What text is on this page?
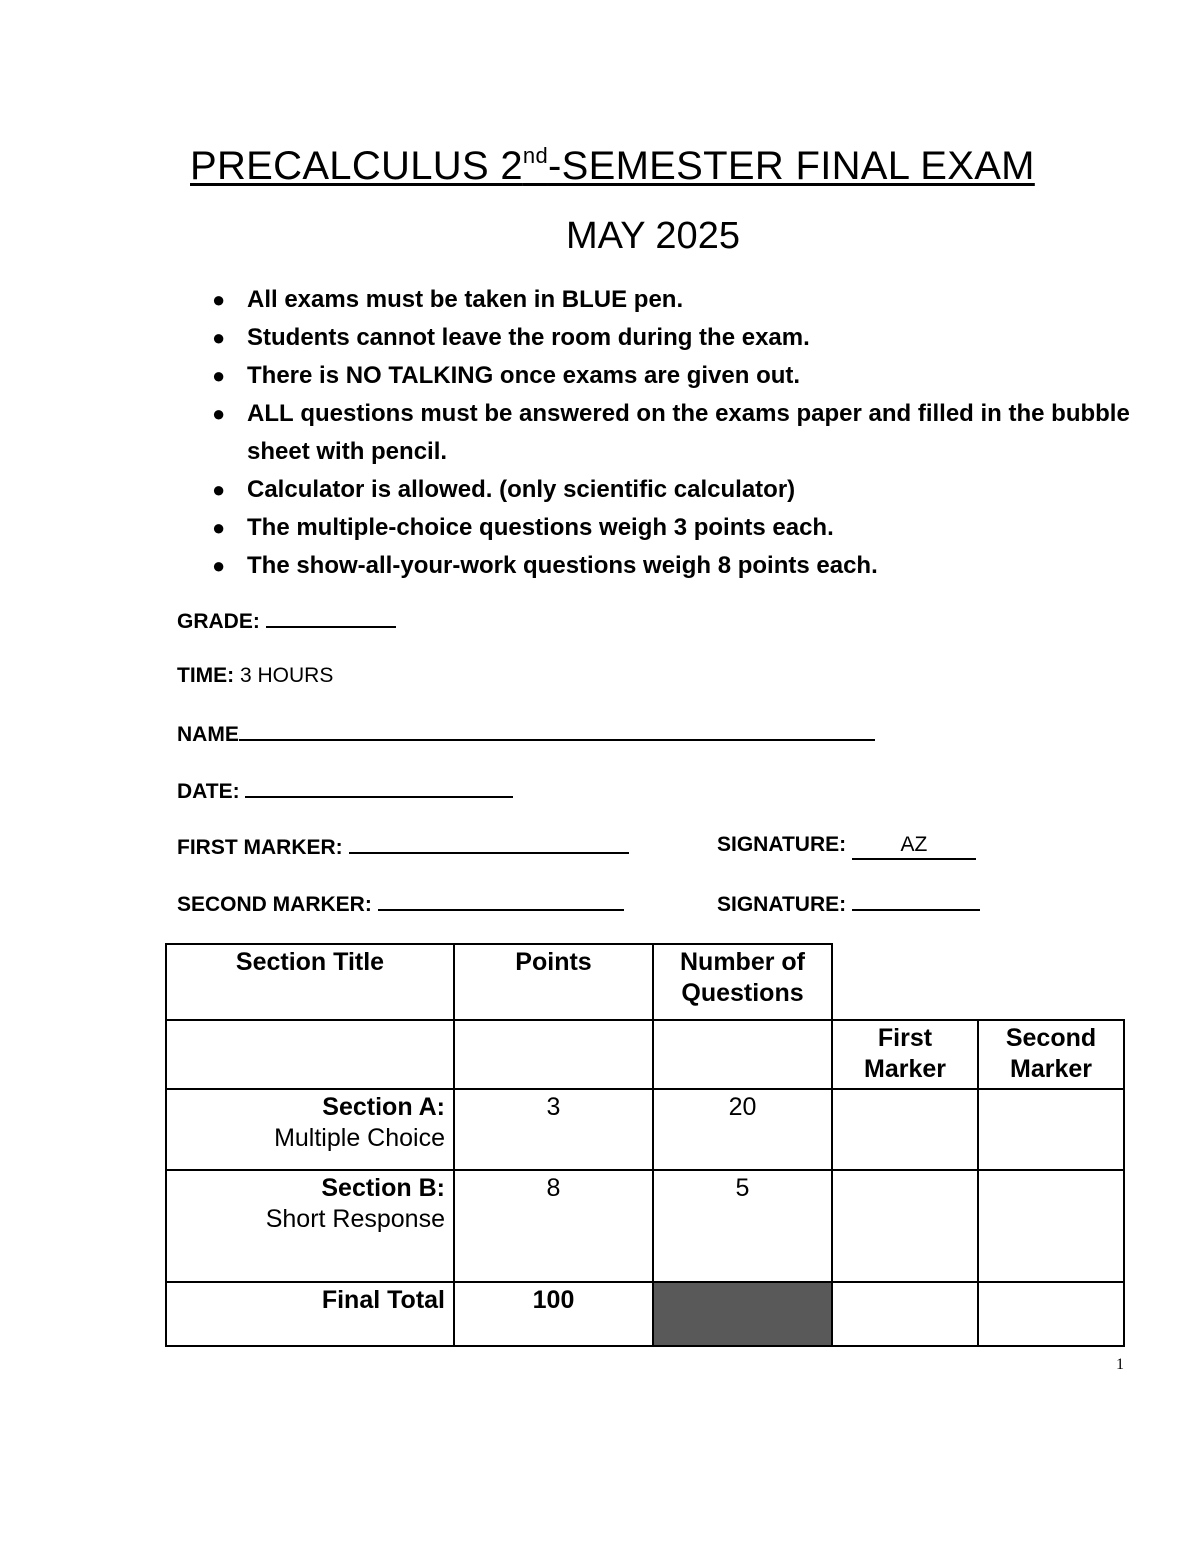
PRECALCULUS 2nd-SEMESTER FINAL EXAM
MAY 2025
● All exams must be taken in BLUE pen.
● Students cannot leave the room during the exam.
● There is NO TALKING once exams are given out.
● ALL questions must be answered on the exams paper and filled in the bubble sheet with pencil.
● Calculator is allowed. (only scientific calculator)
● The multiple-choice questions weigh 3 points each.
● The show-all-your-work questions weigh 8 points each.
GRADE:
TIME: 3 HOURS
NAME
DATE:
FIRST MARKER:	SIGNATURE:	AZ
SECOND MARKER:	SIGNATURE:
Section Title	Points	Number of Questions		
			First Marker	Second Marker

Section A:
Multiple Choice	3	20		

Section B:
Short Response	8	5		
Final Total	100			
1
